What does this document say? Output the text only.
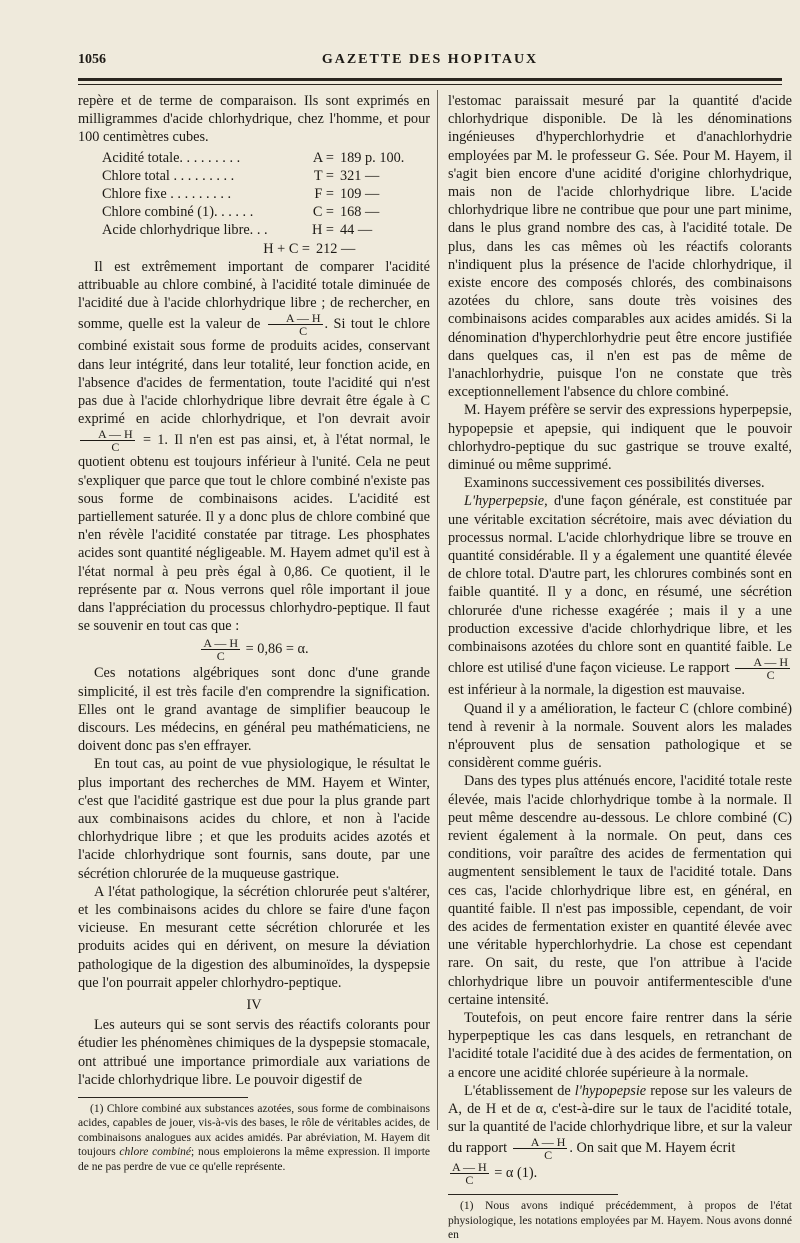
1056	GAZETTE DES HOPITAUX

repère et de terme de comparaison. Ils sont exprimés en milligrammes d'acide chlorhydrique, chez l'homme, et pour 100 centimètres cubes.

Acidité totale. . . . . . . . .	A = 189 p. 100.
Chlore total . . . . . . . . .	T = 321 —
Chlore fixe . . . . . . . . .	F = 109 —
Chlore combiné (1). . . . . .	C = 168 —
Acide chlorhydrique libre. . .	H = 44 —
H + C = 212 —

Il est extrêmement important de comparer l'acidité attribuable au chlore combiné, à l'acidité totale diminuée de l'acidité due à l'acide chlorhydrique libre ; de rechercher, en somme, quelle est la valeur de $\frac{A — H}{C}$ . Si tout le chlore combiné existait sous forme de produits acides, conservant dans leur intégrité, dans leur totalité, leur fonction acide, en l'absence d'acides de fermentation, toute l'acidité qui n'est pas due à l'acide chlorhydrique libre devrait être égale à C exprimé en acide chlorhydrique, et l'on devrait avoir
$\frac{A — H}{C} = 1$. Il n'en est pas ainsi, et, à l'état normal, le quotient obtenu est toujours inférieur à l'unité. Cela ne peut s'expliquer que parce que tout le chlore combiné n'existe pas sous forme de combinaisons acides. L'acidité est partiellement saturée. Il y a donc plus de chlore combiné que n'en révèle l'acidité constatée par titrage. Les phosphates acides sont quantité négligeable. M. Hayem admet qu'il est à l'état normal à peu près égal à 0,86. Ce quotient, il le représente par α. Nous verrons quel rôle important il joue dans l'appréciation du processus chlorhydro-peptique. Il faut se souvenir en tout cas que :

$\frac{A — H}{C} = 0,86 = \alpha$.

Ces notations algébriques sont donc d'une grande simplicité, il est très facile d'en comprendre la signification. Elles ont le grand avantage de simplifier beaucoup le discours. Les médecins, en général peu mathématiciens, ne doivent donc pas s'en effrayer.

En tout cas, au point de vue physiologique, le résultat le plus important des recherches de MM. Hayem et Winter, c'est que l'acidité gastrique est due pour la plus grande part aux combinaisons acides du chlore, et non à l'acide chlorhydrique libre ; et que les produits acides azotés et l'acide chlorhydrique sont fournis, sans doute, par une sécrétion chlorurée de la muqueuse gastrique.

A l'état pathologique, la sécrétion chlorurée peut s'altérer, et les combinaisons acides du chlore se faire d'une façon vicieuse. En mesurant cette sécrétion chlorurée et les produits acides qui en dérivent, on mesure la déviation pathologique de la digestion des albuminoïdes, la dyspepsie que l'on pourrait appeler chlorhydro-peptique.

IV

Les auteurs qui se sont servis des réactifs colorants pour étudier les phénomènes chimiques de la dyspepsie stomacale, ont attribué une importance primordiale aux variations de l'acide chlorhydrique libre. Le pouvoir digestif de

(1) Chlore combiné aux substances azotées, sous forme de combinaisons acides, capables de jouer, vis-à-vis des bases, le rôle de véritables acides, de combinaisons analogues aux acides amidés. Par abréviation, M. Hayem dit toujours chlore combiné; nous emploierons la même expression. Il importe de ne pas perdre de vue ce qu'elle représente.

l'estomac paraissait mesuré par la quantité d'acide chlorhydrique disponible. De là les dénominations ingénieuses d'hyperchlorhydrie et d'anachlorhydrie employées par M. le professeur G. Sée. Pour M. Hayem, il s'agit bien encore d'une acidité d'origine chlorhydrique, mais non de l'acide chlorhydrique libre. L'acide chlorhydrique libre ne contribue que pour une part minime, dans le plus grand nombre des cas, à l'acidité totale. De plus, dans les cas mêmes où les réactifs colorants n'indiquent plus la présence de l'acide chlorhydrique, il existe encore des composés chlorés, des combinaisons azotées du chlore, sans doute très voisines des combinaisons acides comparables aux acides amidés. Si la dénomination d'hyperchlorhydrie peut être encore justifiée dans quelques cas, il n'en est pas de même de l'anachlorhydrie, puisque l'on ne constate que très exceptionnellement l'absence du chlore combiné.

M. Hayem préfère se servir des expressions hyperpepsie, hypopepsie et apepsie, qui indiquent que le pouvoir chlorhydro-peptique du suc gastrique se trouve exalté, diminué ou même supprimé.

Examinons successivement ces possibilités diverses.

L'hyperpepsie, d'une façon générale, est constituée par une véritable excitation sécrétoire, mais avec déviation du processus normal. L'acide chlorhydrique libre se trouve en quantité considérable. Il y a également une quantité élevée de chlore total. D'autre part, les chlorures combinés sont en faible quantité. Il y a donc, en résumé, une sécrétion chlorurée d'une richesse exagérée ; mais il y a une production excessive d'acide chlorhydrique libre, et les combinaisons azotées du chlore sont en quantité faible. Le chlore est utilisé d'une façon vicieuse. Le rapport $\frac{A — H}{C}$
est inférieur à la normale, la digestion est mauvaise.

Quand il y a amélioration, le facteur C (chlore combiné) tend à revenir à la normale. Souvent alors les malades n'éprouvent plus de sensation pathologique et se considèrent comme guéris.

Dans des types plus atténués encore, l'acidité totale reste élevée, mais l'acide chlorhydrique tombe à la normale. Il peut même descendre au-dessous. Le chlore combiné (C) revient également à la normale. On peut, dans ces conditions, voir paraître des acides de fermentation qui augmentent sensiblement le taux de l'acidité totale. Dans ces cas, l'acide chlorhydrique libre est, en général, en quantité faible. Il n'est pas impossible, cependant, de voir des acides de fermentation exister en quantité élevée avec une véritable hyperchlorhydrie. La chose est cependant rare. On sait, du reste, que l'on attribue à l'acide chlorhydrique libre un pouvoir antifermentescible d'une certaine intensité.

Toutefois, on peut encore faire rentrer dans la série hyperpeptique les cas dans lesquels, en retranchant de l'acidité totale l'acidité due à des acides de fermentation, on a encore une acidité chlorée supérieure à la normale.

L'établissement de l'hypopepsie repose sur les valeurs de A, de H et de α, c'est-à-dire sur le taux de l'acidité totale, sur la quantité de l'acide chlorhydrique libre, et sur la valeur du rapport $\frac{A — H}{C}$ . On sait que M. Hayem écrit

$\frac{A — H}{C} = \alpha$ (1).

(1) Nous avons indiqué précédemment, à propos de l'état physiologique, les notations employées par M. Hayem. Nous avons donné en
